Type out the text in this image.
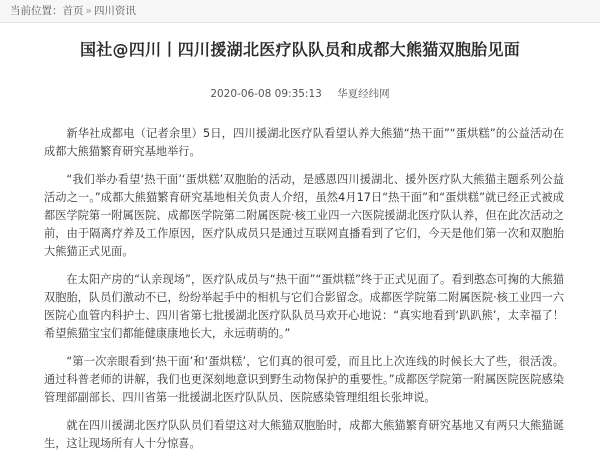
当前位置：首页 » 四川资讯
国社@四川丨四川援湖北医疗队队员和成都大熊猫双胞胎见面
2020-06-08 09:35:13 华夏经纬网

新华社成都电（记者余里）5日，四川援湖北医疗队看望认养大熊猫“热干面”“蛋烘糕”的公益活动在成都大熊猫繁育研究基地举行。

“我们举办看望‘热干面’‘蛋烘糕’双胞胎的活动，是感恩四川援湖北、援外医疗队大熊猫主题系列公益活动之一。”成都大熊猫繁育研究基地相关负责人介绍，虽然4月17日“热干面”和“蛋烘糕”就已经正式被成都医学院第一附属医院、成都医学院第二附属医院·核工业四一六医院援湖北医疗队认养，但在此次活动之前，由于隔离疗养及工作原因，医疗队成员只是通过互联网直播看到了它们，今天是他们第一次和双胞胎大熊猫正式见面。

在太阳产房的“认亲现场”，医疗队成员与“热干面”“蛋烘糕”终于正式见面了。看到憨态可掬的大熊猫双胞胎，队员们激动不已，纷纷举起手中的相机与它们合影留念。成都医学院第二附属医院·核工业四一六医院心血管内科护士、四川省第七批援湖北医疗队队员马欢开心地说：“真实地看到‘趴趴熊’，太幸福了！希望熊猫宝宝们都能健康康地长大，永远萌萌的。”

“第一次亲眼看到‘热干面’和‘蛋烘糕’，它们真的很可爱，而且比上次连线的时候长大了些，很活泼。通过科普老师的讲解，我们也更深刻地意识到野生动物保护的重要性。”成都医学院第一附属医院医院感染管理部副部长、四川省第一批援湖北医疗队队员、医院感染管理组组长张坤说。

就在四川援湖北医疗队队员们看望这对大熊猫双胞胎时，成都大熊猫繁育研究基地又有两只大熊猫诞生，这让现场所有人十分惊喜。
